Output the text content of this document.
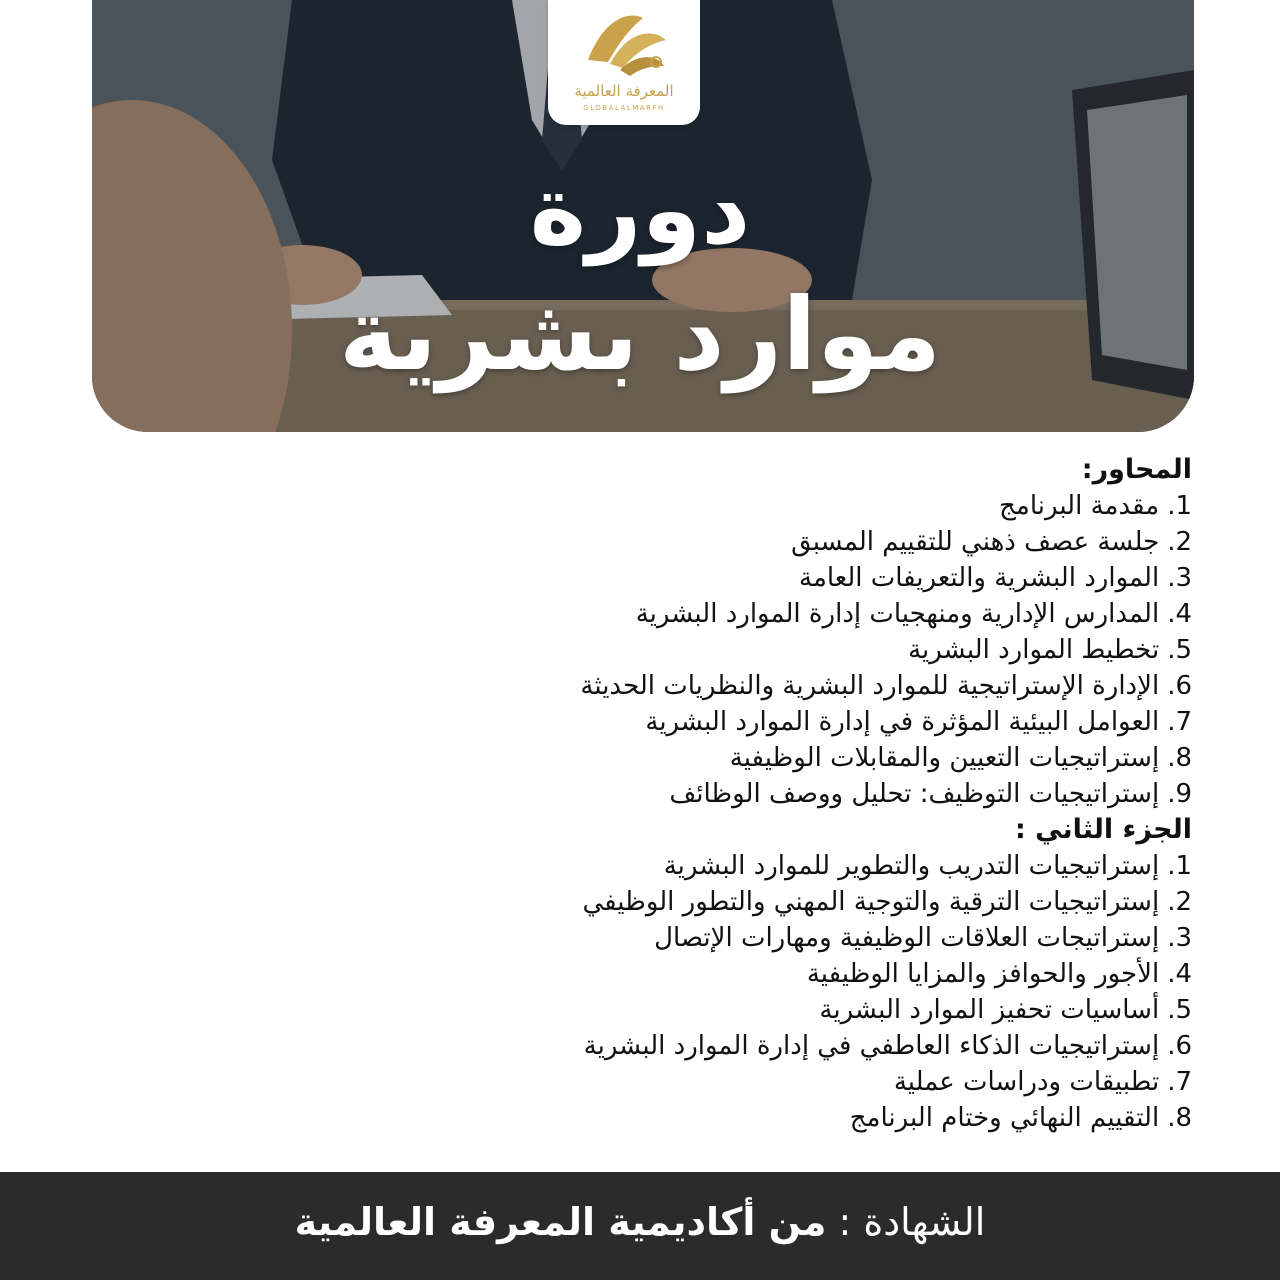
المعرفة العالمية
GLOBALALMARFH
دورة
موارد بشرية
المحاور:
1.مقدمة البرنامج
2.جلسة عصف ذهني للتقييم المسبق
3.الموارد البشرية والتعريفات العامة
4.المدارس الإدارية ومنهجيات إدارة الموارد البشرية
5.تخطيط الموارد البشرية
6.الإدارة الإستراتيجية للموارد البشرية والنظريات الحديثة
7.العوامل البيئية المؤثرة في إدارة الموارد البشرية
8.إستراتيجيات التعيين والمقابلات الوظيفية
9.إستراتيجيات التوظيف: تحليل ووصف الوظائف
الجزء الثاني :
1.إستراتيجيات التدريب والتطوير للموارد البشرية
2.إستراتيجيات الترقية والتوجية المهني والتطور الوظيفي
3.إستراتيجات العلاقات الوظيفية ومهارات الإتصال
4.الأجور والحوافز والمزايا الوظيفية
5.أساسيات تحفيز الموارد البشرية
6.إستراتيجيات الذكاء العاطفي في إدارة الموارد البشرية
7.تطبيقات ودراسات عملية
8.التقييم النهائي وختام البرنامج
الشهادة : من أكاديمية المعرفة العالمية
